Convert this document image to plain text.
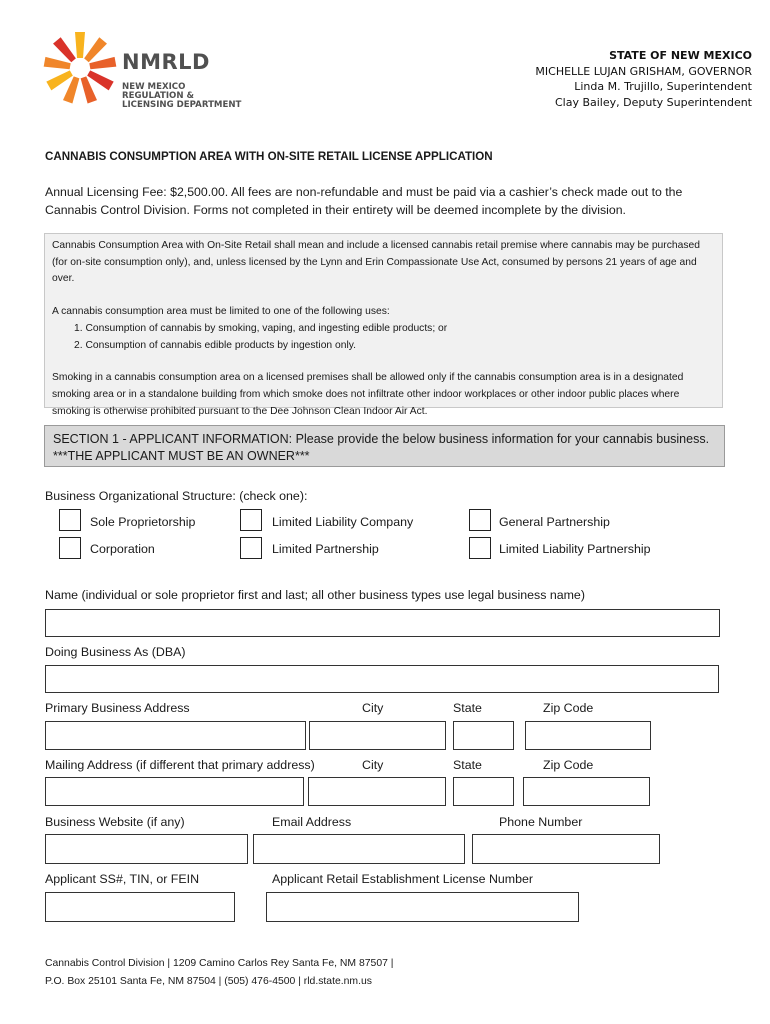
NMRLD
NEW MEXICO
REGULATION &
LICENSING DEPARTMENT
STATE OF NEW MEXICO
MICHELLE LUJAN GRISHAM, GOVERNOR
Linda M. Trujillo, Superintendent
Clay Bailey, Deputy Superintendent
CANNABIS CONSUMPTION AREA WITH ON-SITE RETAIL LICENSE APPLICATION
Annual Licensing Fee: $2,500.00. All fees are non-refundable and must be paid via a cashier’s check made out to the Cannabis Control Division. Forms not completed in their entirety will be deemed incomplete by the division.

Cannabis Consumption Area with On-Site Retail shall mean and include a licensed cannabis retail premise where cannabis may be purchased (for on-site consumption only), and, unless licensed by the Lynn and Erin Compassionate Use Act, consumed by persons 21 years of age and over.

A cannabis consumption area must be limited to one of the following uses:

1. Consumption of cannabis by smoking, vaping, and ingesting edible products; or

2. Consumption of cannabis edible products by ingestion only.

Smoking in a cannabis consumption area on a licensed premises shall be allowed only if the cannabis consumption area is in a designated smoking area or in a standalone building from which smoke does not infiltrate other indoor workplaces or other indoor public places where smoking is otherwise prohibited pursuant to the Dee Johnson Clean Indoor Air Act.

SECTION 1 - APPLICANT INFORMATION: Please provide the below business information for your cannabis business. ***THE APPLICANT MUST BE AN OWNER***
Business Organizational Structure: (check one):
Sole Proprietorship	Limited Liability Company	General Partnership
Corporation	Limited Partnership	Limited Liability Partnership
Name (individual or sole proprietor first and last; all other business types use legal business name)
Doing Business As (DBA)
Primary Business Address	City	State	Zip Code
Mailing Address (if different that primary address)	City	State	Zip Code
Business Website (if any)	Email Address	Phone Number
Applicant SS#, TIN, or FEIN	Applicant Retail Establishment License Number
Cannabis Control Division | 1209 Camino Carlos Rey Santa Fe, NM 87507 |
P.O. Box 25101 Santa Fe, NM 87504 | (505) 476-4500 | rld.state.nm.us
